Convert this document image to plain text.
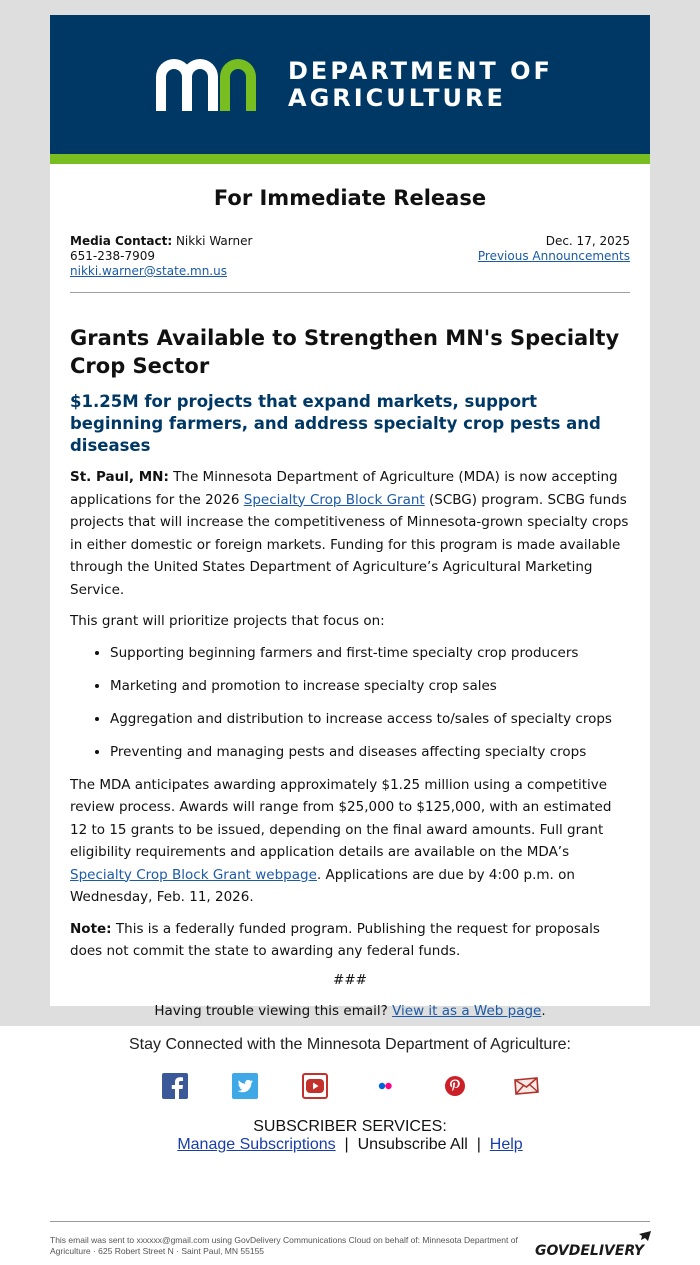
DEPARTMENT OF
AGRICULTURE
For Immediate Release
Media Contact: Nikki Warner
651-238-7909
nikki.warner@state.mn.us
Dec. 17, 2025
Previous Announcements
Grants Available to Strengthen MN's Specialty Crop Sector
$1.25M for projects that expand markets, support beginning farmers, and address specialty crop pests and diseases

St. Paul, MN: The Minnesota Department of Agriculture (MDA) is now accepting applications for the 2026 Specialty Crop Block Grant (SCBG) program. SCBG funds projects that will increase the competitiveness of Minnesota-grown specialty crops in either domestic or foreign markets. Funding for this program is made available through the United States Department of Agriculture’s Agricultural Marketing Service.

This grant will prioritize projects that focus on:

• Supporting beginning farmers and first-time specialty crop producers
• Marketing and promotion to increase specialty crop sales
• Aggregation and distribution to increase access to/sales of specialty crops
• Preventing and managing pests and diseases affecting specialty crops

The MDA anticipates awarding approximately $1.25 million using a competitive review process. Awards will range from $25,000 to $125,000, with an estimated 12 to 15 grants to be issued, depending on the final award amounts. Full grant eligibility requirements and application details are available on the MDA’s Specialty Crop Block Grant webpage. Applications are due by 4:00 p.m. on Wednesday, Feb. 11, 2026.

Note: This is a federally funded program. Publishing the request for proposals does not commit the state to awarding any federal funds.

###

Having trouble viewing this email? View it as a Web page.

Stay Connected with the Minnesota Department of Agriculture:
SUBSCRIBER SERVICES:
Manage Subscriptions  |  Unsubscribe All  |  Help
This email was sent to xxxxxx@gmail.com using GovDelivery Communications Cloud on behalf of: Minnesota Department of Agriculture · 625 Robert Street N · Saint Paul, MN 55155	GOVDELIVERY
